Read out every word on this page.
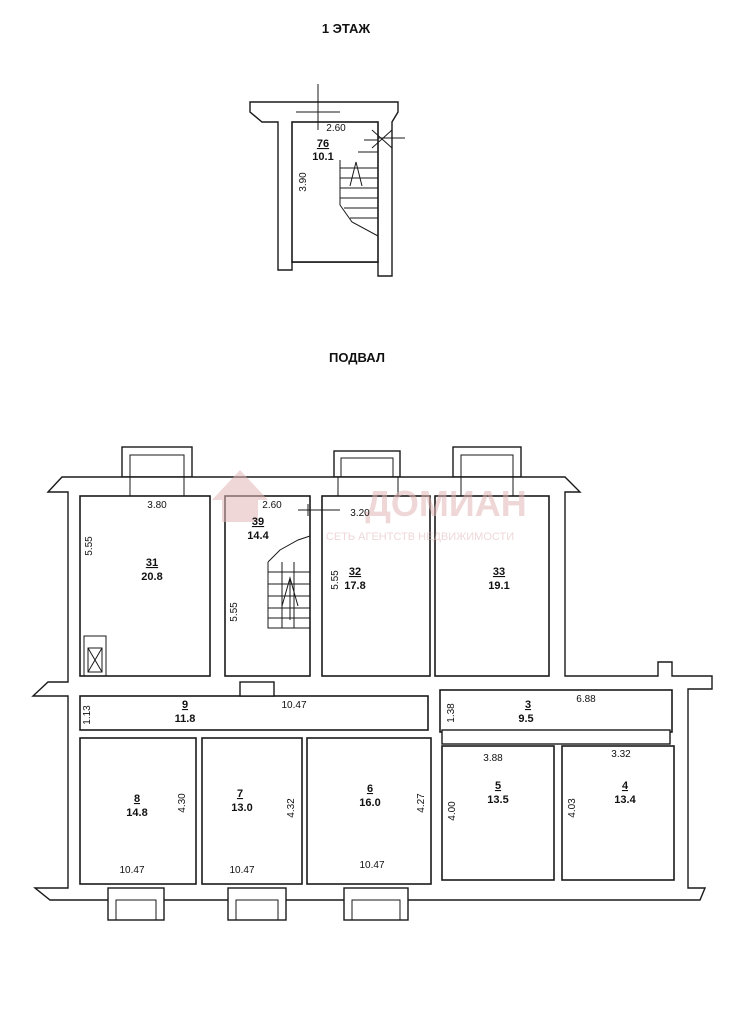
1 ЭТАЖ
ПОДВАЛ
2.60
3.90
76
10.1
ДОМИАН
СЕТЬ АГЕНТСТВ НЕДВИЖИМОСТИ
31
20.8
39
14.4
32
17.8
33
19.1
9
11.8
3
9.5
8
14.8
7
13.0
6
16.0
5
13.5
4
13.4
3.80
5.55
2.60
5.55
3.20
5.55
10.47
1.13
6.88
1.38
4.30
10.47
4.32
10.47
4.27
10.47
3.88
4.00
3.32
4.03
